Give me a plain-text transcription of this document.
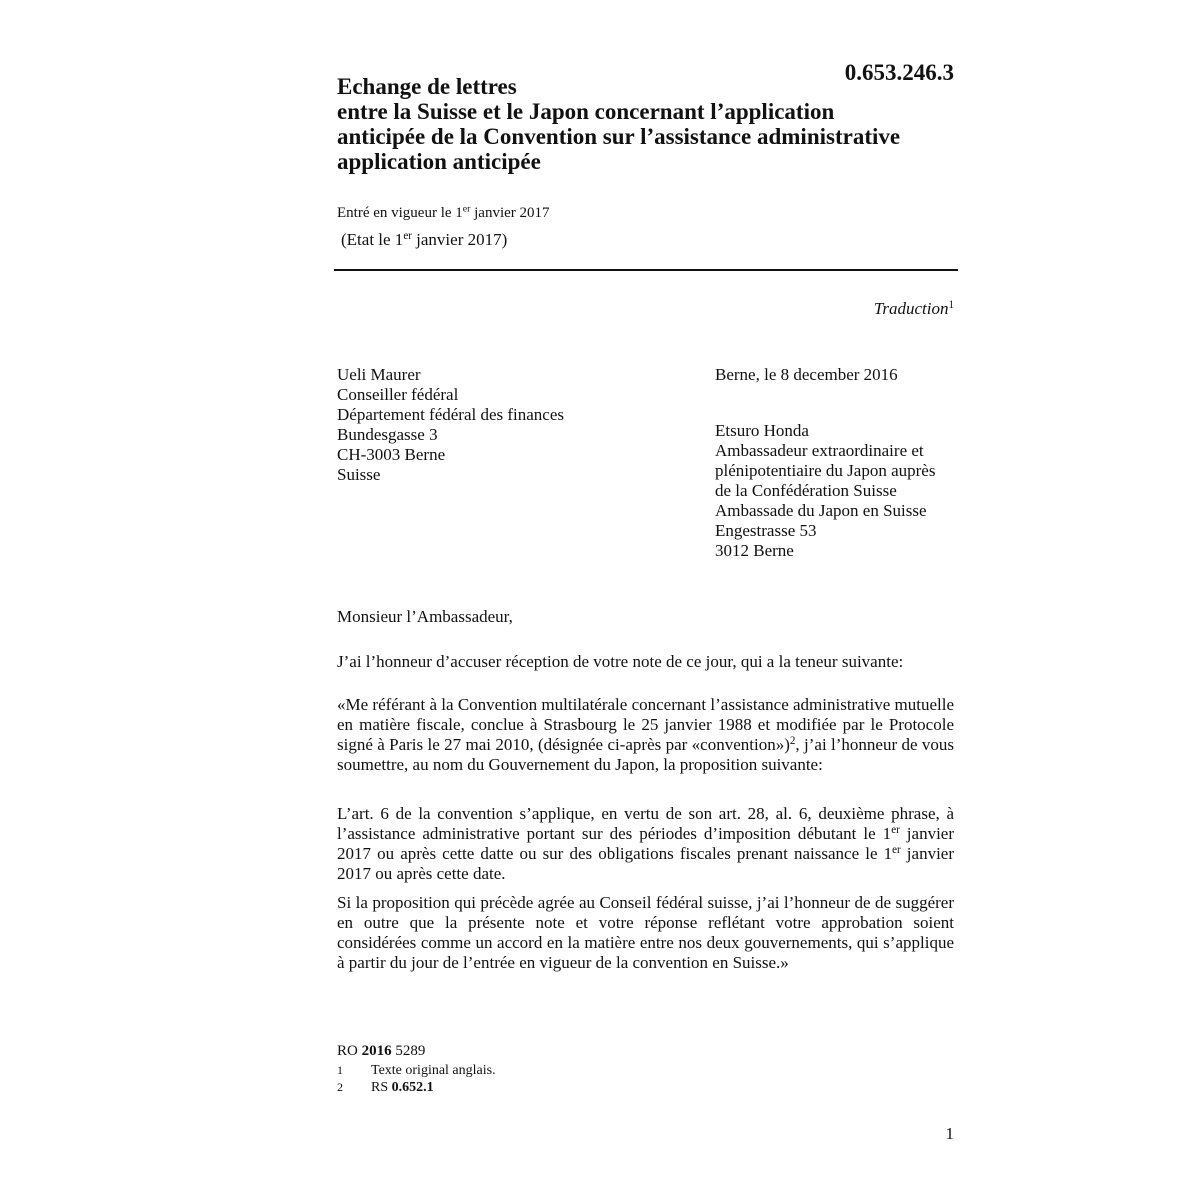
0.653.246.3
Echange de lettres
entre la Suisse et le Japon concernant l’application
anticipée de la Convention sur l’assistance administrative
application anticipée
Entré en vigueur le 1er janvier 2017
(Etat le 1er janvier 2017)
Traduction$^1$
Ueli Maurer
Conseiller fédéral
Département fédéral des finances
Bundesgasse 3
CH-3003 Berne
Suisse
Berne, le 8 december 2016
Etsuro Honda
Ambassadeur extraordinaire et
plénipotentiaire du Japon auprès
de la Confédération Suisse
Ambassade du Japon en Suisse
Engestrasse 53
3012 Berne
Monsieur l’Ambassadeur,
J’ai l’honneur d’accuser réception de votre note de ce jour, qui a la teneur suivante:
«Me référant à la Convention multilatérale concernant l’assistance administrative mutuelle en matière fiscale, conclue à Strasbourg le 25 janvier 1988 et modifiée par le Protocole signé à Paris le 27 mai 2010, (désignée ci-après par «convention»)$^2$, j’ai l’honneur de vous soumettre, au nom du Gouvernement du Japon, la proposition suivante:
L’art. 6 de la convention s’applique, en vertu de son art. 28, al. 6, deuxième phrase, à l’assistance administrative portant sur des périodes d’imposition débutant le 1er janvier 2017 ou après cette datte ou sur des obligations fiscales prenant naissance le 1er janvier 2017 ou après cette date.
Si la proposition qui précède agrée au Conseil fédéral suisse, j’ai l’honneur de de suggérer en outre que la présente note et votre réponse reflétant votre approbation soient considérées comme un accord en la matière entre nos deux gouvernements, qui s’applique à partir du jour de l’entrée en vigueur de la convention en Suisse.»
RO 2016 5289
1 Texte original anglais.
2 RS 0.652.1
1
